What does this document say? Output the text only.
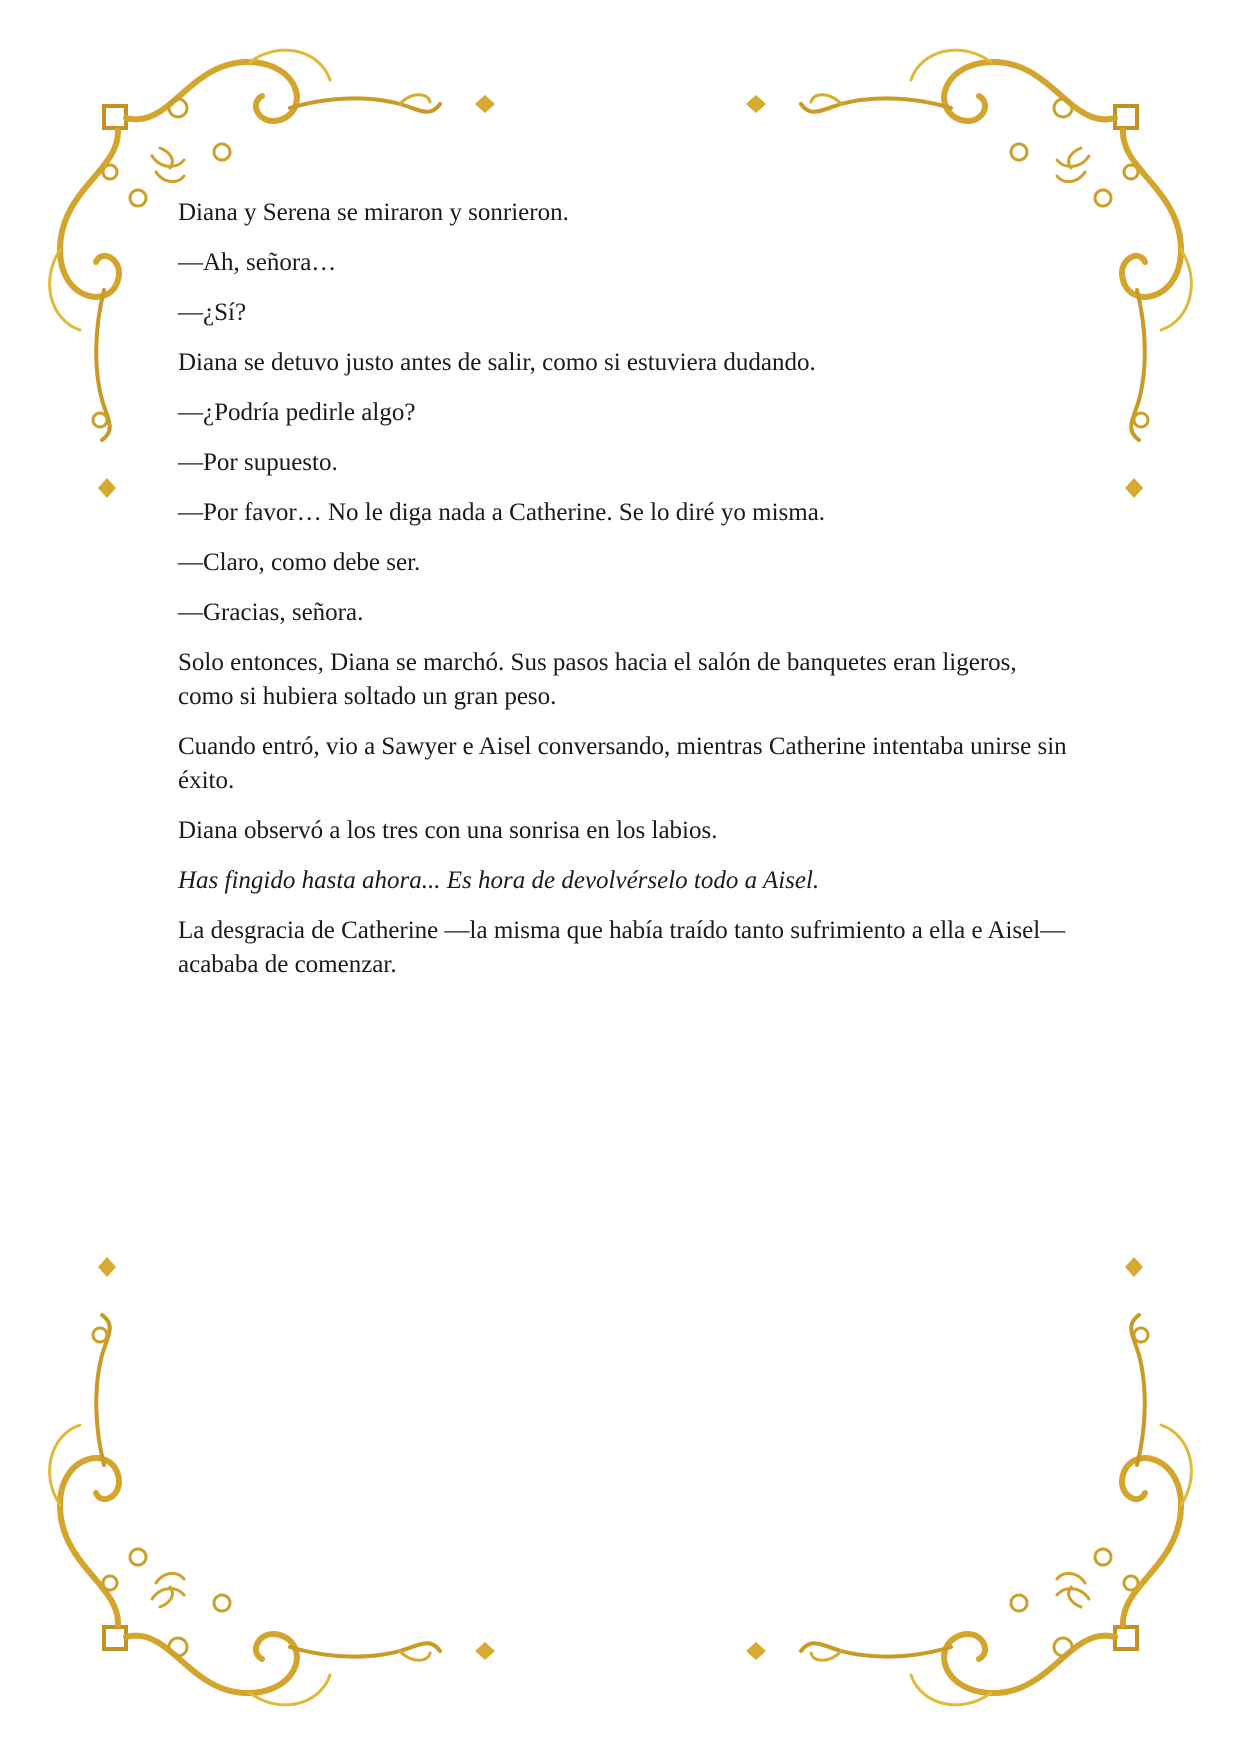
Diana y Serena se miraron y sonrieron.

—Ah, señora…

—¿Sí?

Diana se detuvo justo antes de salir, como si estuviera dudando.

—¿Podría pedirle algo?

—Por supuesto.

—Por favor… No le diga nada a Catherine. Se lo diré yo misma.

—Claro, como debe ser.

—Gracias, señora.

Solo entonces, Diana se marchó. Sus pasos hacia el salón de banquetes eran ligeros, como si hubiera soltado un gran peso.

Cuando entró, vio a Sawyer e Aisel conversando, mientras Catherine intentaba unirse sin éxito.

Diana observó a los tres con una sonrisa en los labios.

Has fingido hasta ahora... Es hora de devolvérselo todo a Aisel.

La desgracia de Catherine —la misma que había traído tanto sufrimiento a ella e Aisel— acababa de comenzar.
